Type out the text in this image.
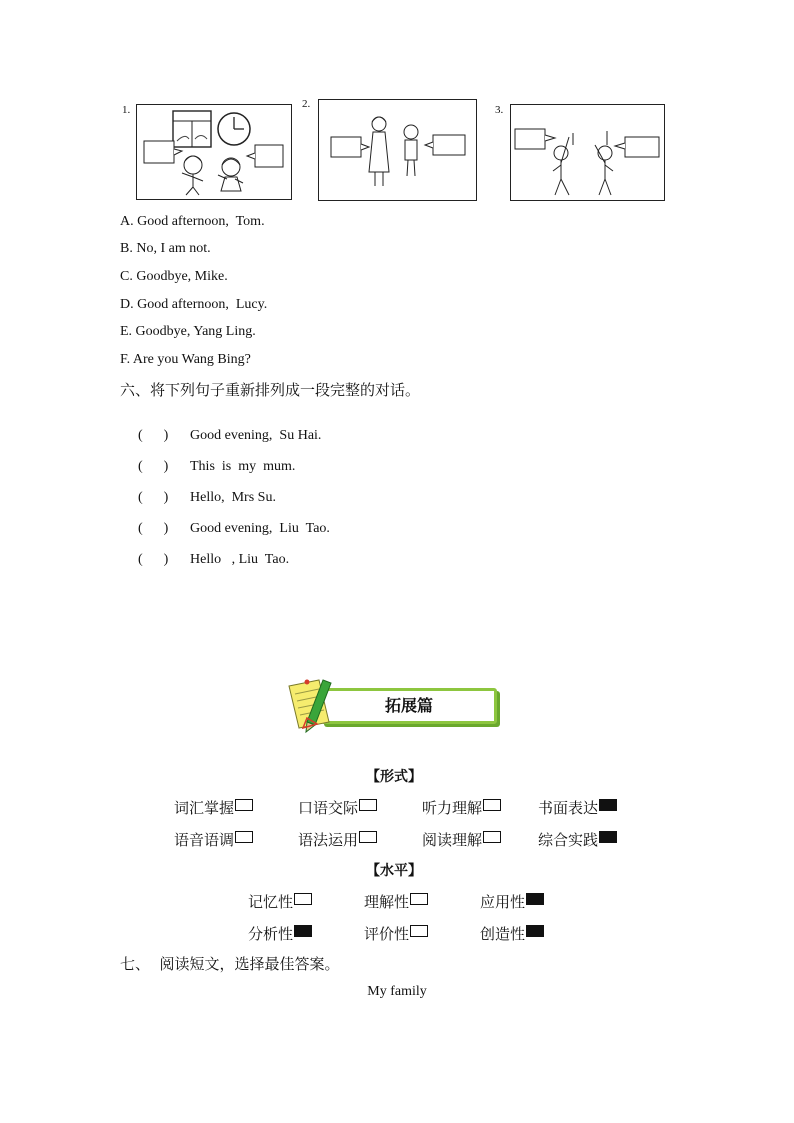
1.	2.	3.
A. Good afternoon,  Tom.
B. No, I am not.
C. Goodbye, Mike.
D. Good afternoon,  Lucy.
E. Goodbye, Yang Ling.
F. Are you Wang Bing?
六、将下列句子重新排列成一段完整的对话。

(      ) Good evening,  Su Hai.

(      ) This  is  my  mum.

(      ) Hello,  Mrs Su.

(      ) Good evening,  Liu  Tao.

(      ) Hello   , Liu  Tao.

拓展篇
【形式】
词汇掌握	口语交际	听力理解	书面表达
语音语调	语法运用	阅读理解	综合实践
【水平】
记忆性	理解性	应用性
分析性	评价性	创造性
七、  阅读短文，选择最佳答案。
My family
